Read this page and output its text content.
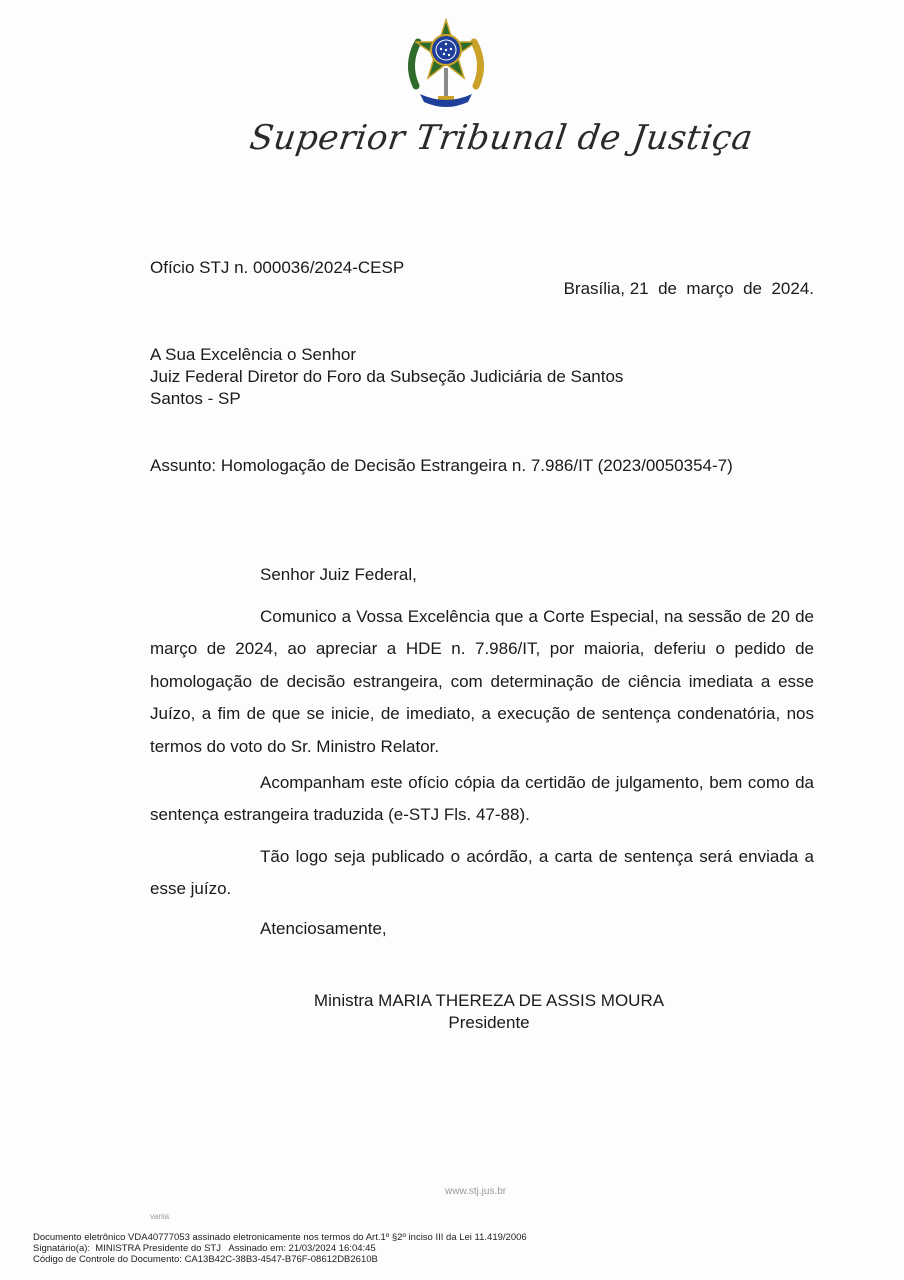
Superior Tribunal de Justiça
Ofício STJ n. 000036/2024-CESP
Brasília, 21  de  março  de  2024.
A Sua Excelência o Senhor
Juiz Federal Diretor do Foro da Subseção Judiciária de Santos
Santos - SP
Assunto: Homologação de Decisão Estrangeira n. 7.986/IT (2023/0050354-7)
Senhor Juiz Federal,

Comunico a Vossa Excelência que a Corte Especial, na sessão de 20 de março de 2024, ao apreciar a HDE n. 7.986/IT, por maioria, deferiu o pedido de homologação de decisão estrangeira, com determinação de ciência imediata a esse Juízo, a fim de que se inicie, de imediato, a execução de sentença condenatória, nos termos do voto do Sr. Ministro Relator.

Acompanham este ofício cópia da certidão de julgamento, bem como da sentença estrangeira traduzida (e-STJ Fls. 47-88).

Tão logo seja publicado o acórdão, a carta de sentença será enviada a esse juízo.

Atenciosamente,
Ministra MARIA THEREZA DE ASSIS MOURA
Presidente
www.stj.jus.br
vania
Documento eletrônico VDA40777053 assinado eletronicamente nos termos do Art.1º §2º inciso III da Lei 11.419/2006
Signatário(a):  MINISTRA Presidente do STJ   Assinado em: 21/03/2024 16:04:45
Código de Controle do Documento: CA13B42C-38B3-4547-B76F-08612DB2610B
